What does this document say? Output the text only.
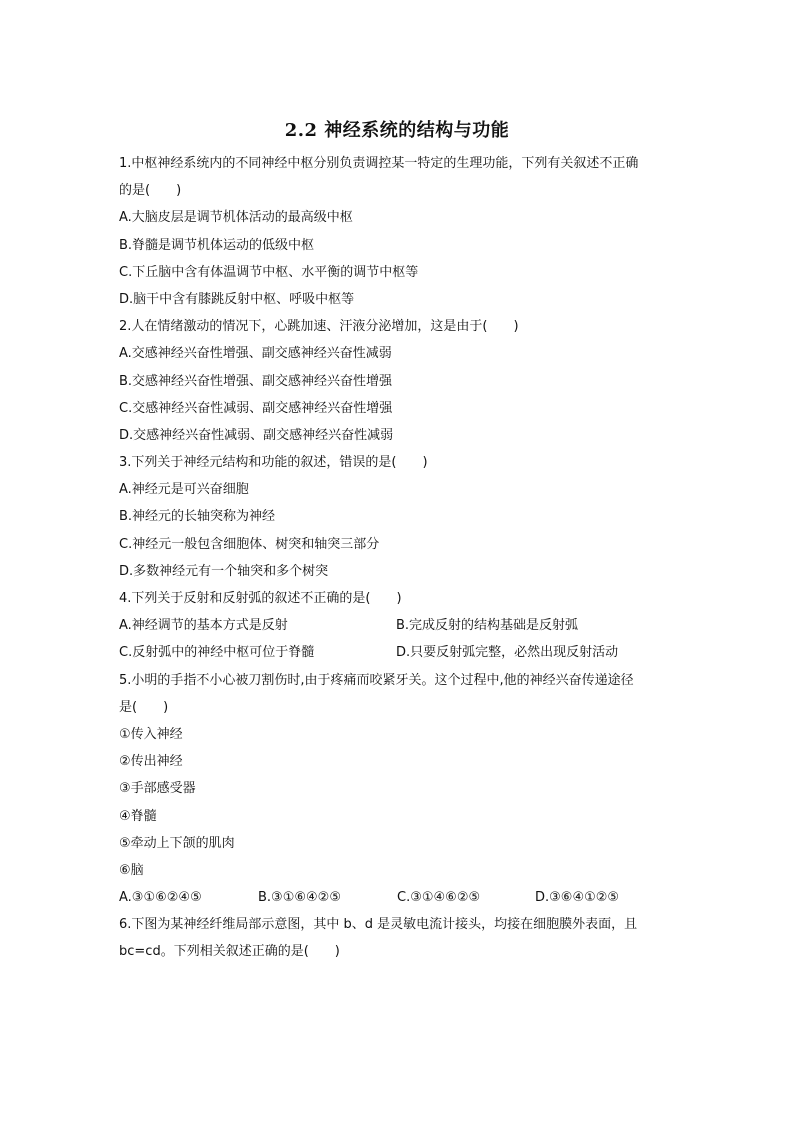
2.2 神经系统的结构与功能
1.中枢神经系统内的不同神经中枢分别负责调控某一特定的生理功能，下列有关叙述不正确
的是(　　)
A.大脑皮层是调节机体活动的最高级中枢
B.脊髓是调节机体运动的低级中枢
C.下丘脑中含有体温调节中枢、水平衡的调节中枢等
D.脑干中含有膝跳反射中枢、呼吸中枢等
2.人在情绪激动的情况下，心跳加速、汗液分泌增加，这是由于(　　)
A.交感神经兴奋性增强、副交感神经兴奋性减弱
B.交感神经兴奋性增强、副交感神经兴奋性增强
C.交感神经兴奋性减弱、副交感神经兴奋性增强
D.交感神经兴奋性减弱、副交感神经兴奋性减弱
3.下列关于神经元结构和功能的叙述，错误的是(　　)
A.神经元是可兴奋细胞
B.神经元的长轴突称为神经
C.神经元一般包含细胞体、树突和轴突三部分
D.多数神经元有一个轴突和多个树突
4.下列关于反射和反射弧的叙述不正确的是(　　)
A.神经调节的基本方式是反射	B.完成反射的结构基础是反射弧
C.反射弧中的神经中枢可位于脊髓	D.只要反射弧完整，必然出现反射活动
5.小明的手指不小心被刀割伤时,由于疼痛而咬紧牙关。这个过程中,他的神经兴奋传递途径
是(　　)
①传入神经
②传出神经
③手部感受器
④脊髓
⑤牵动上下颌的肌肉
⑥脑
A.③①⑥②④⑤	B.③①⑥④②⑤	C.③①④⑥②⑤	D.③⑥④①②⑤
6.下图为某神经纤维局部示意图，其中 b、d 是灵敏电流计接头，均接在细胞膜外表面，且
bc=cd。下列相关叙述正确的是(　　)
